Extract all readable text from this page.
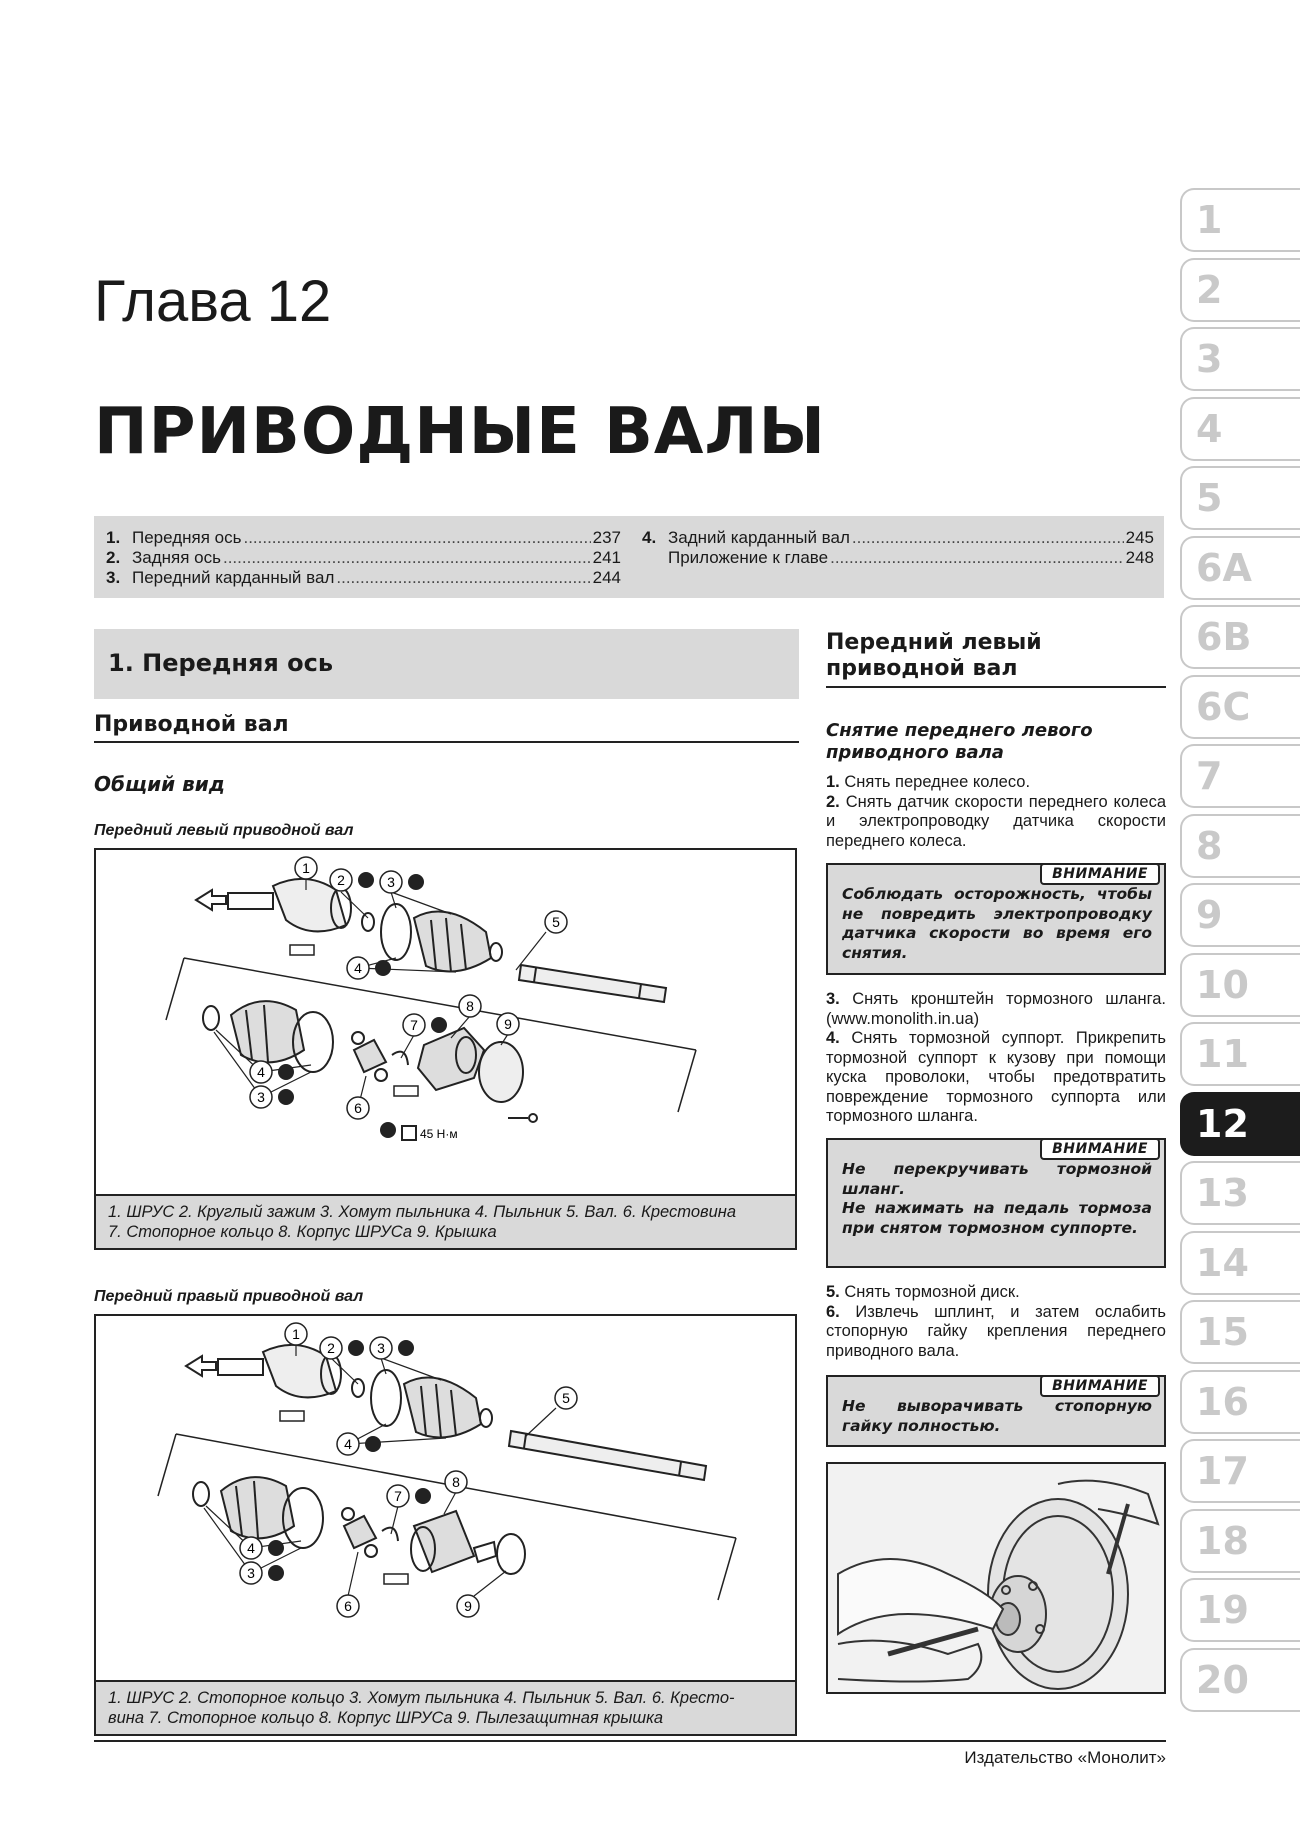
1
2
3
4
5
6A
6B
6C
7
8
9
10
11
12
13
14
15
16
17
18
19
20
Глава 12
ПРИВОДНЫЕ ВАЛЫ
1. Передняя ось .....	237
2. Задняя ось .....	241
3. Передний карданный вал .....	244
4. Задний карданный вал .....	245
Приложение к главе .....	248
1. Передняя ось
Приводной вал
Общий вид
Передний левый приводной вал
45 Н·м
1
2	3
4
5
4
3
6
7
8
9
1. ШРУС 2. Круглый зажим 3. Хомут пыльника 4. Пыльник 5. Вал. 6. Крестовина
7. Стопорное кольцо 8. Корпус ШРУСа 9. Крышка
Передний правый приводной вал
1
2	3
4
5
4
3
6
7
8
9
1. ШРУС 2. Стопорное кольцо 3. Хомут пыльника 4. Пыльник 5. Вал. 6. Кресто-
вина 7. Стопорное кольцо 8. Корпус ШРУСа 9. Пылезащитная крышка
Передний левый приводной вал
Снятие переднего левого приводного вала

1. Снять переднее колесо.

2. Снять датчик скорости переднего колеса и электропроводку датчика скорости переднего колеса.

ВНИМАНИЕ

Соблюдать осторожность, чтобы не повредить электропроводку датчика скорости во время его снятия.

3. Снять кронштейн тормозного шланга. (www.monolith.in.ua)

4. Снять тормозной суппорт. Прикрепить тормозной суппорт к кузову при помощи куска проволоки, чтобы предотвратить повреждение тормозного суппорта или тормозного шланга.

ВНИМАНИЕ

Не перекручивать тормозной шланг.

Не нажимать на педаль тормоза при снятом тормозном суппорте.

5. Снять тормозной диск.

6. Извлечь шплинт, и затем ослабить стопорную гайку крепления переднего приводного вала.

ВНИМАНИЕ

Не выворачивать стопорную гайку полностью.

Издательство «Монолит»
